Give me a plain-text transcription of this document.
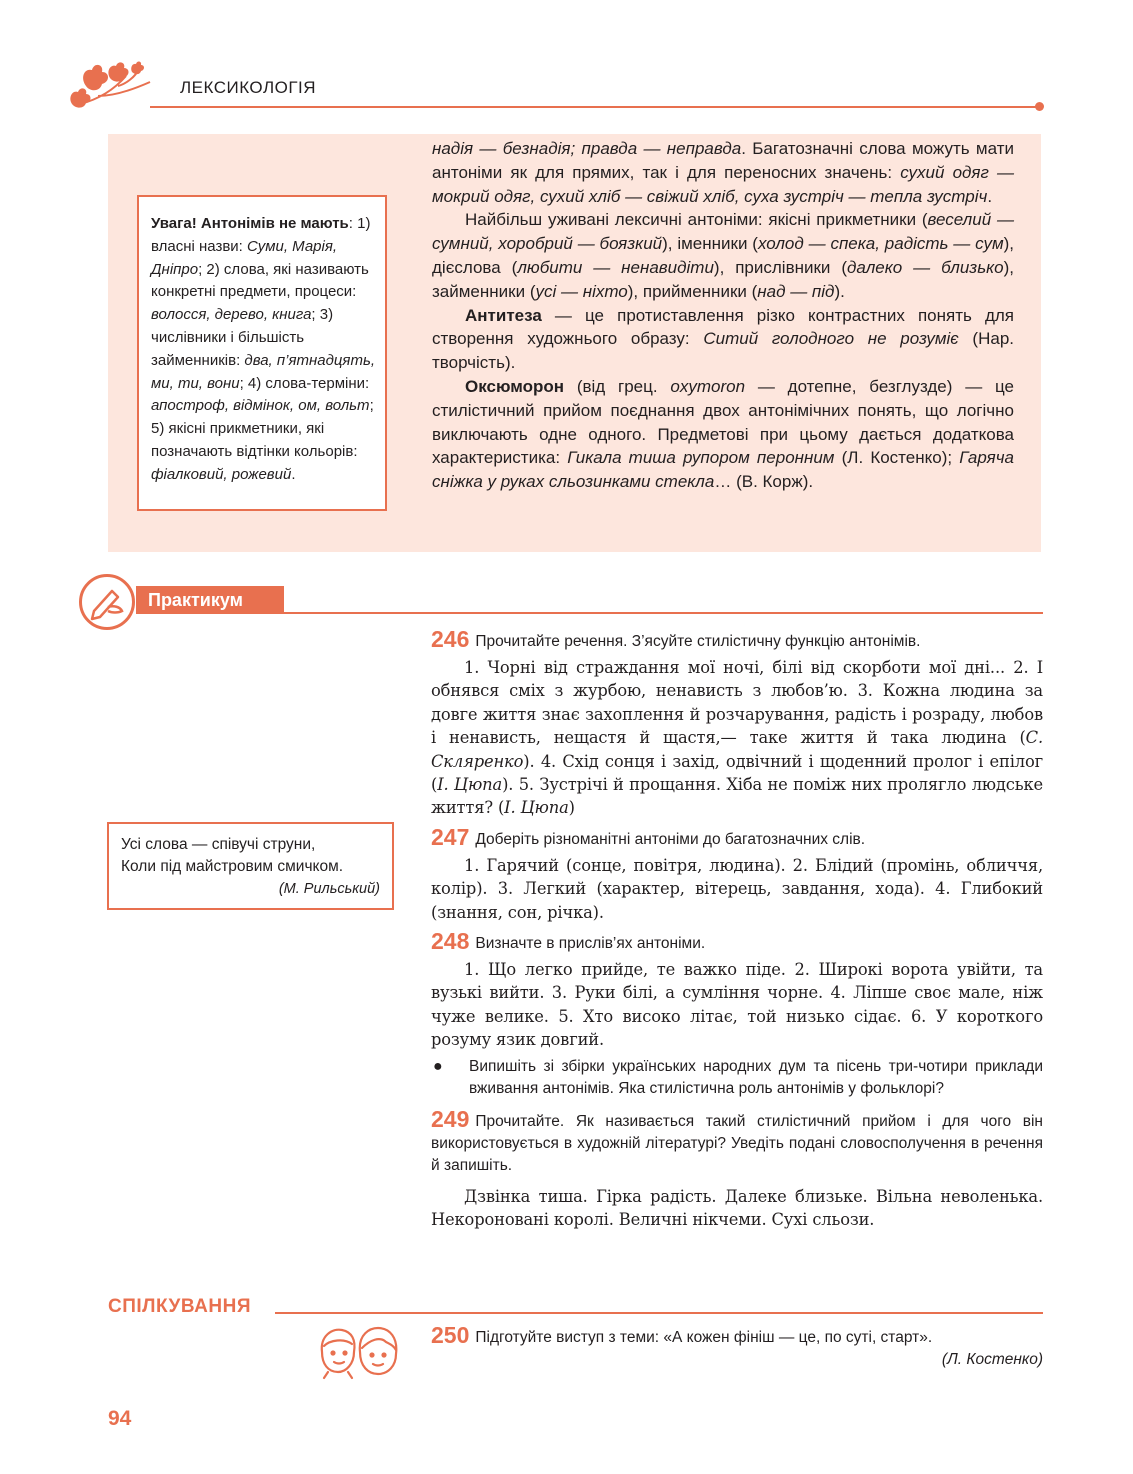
ЛЕКСИКОЛОГІЯ
Увага! Антонімів не мають: 1) власні назви: Суми, Марія, Дніпро; 2) слова, які називають конкретні предмети, процеси: волосся, дерево, книга; 3) числівники і більшість займенників: два, п’ятнадцять, ми, ти, вони; 4) слова-терміни: апостроф, відмінок, ом, вольт; 5) якісні прикметники, які позначають відтінки кольорів: фіалковий, рожевий.

надія — безнадія; правда — неправда. Багатозначні слова можуть мати антоніми як для прямих, так і для переносних значень: сухий одяг — мокрий одяг, сухий хліб — свіжий хліб, суха зустріч — тепла зустріч.

Найбільш уживані лексичні антоніми: якісні прикметники (веселий — сумний, хоробрий — боязкий), іменники (холод — спека, радість — сум), дієслова (любити — ненавидіти), прислівники (далеко — близько), займенники (усі — ніхто), прийменники (над — під).

Антитеза — це протиставлення різко контрастних понять для створення художнього образу: Ситий голодного не розуміє (Нар. творчість).

Оксюморон (від грец. oxymoron — дотепне, безглузде) — це стилістичний прийом поєднання двох антонімічних понять, що логічно виключають одне одного. Предметові при цьому дається додаткова характеристика: Гикала тиша рупором перонним (Л. Костенко); Гаряча сніжка у руках сльозинками стекла… (В. Корж).

Практикум
Усі слова — співучі струни,
Коли під майстровим смичком.
(М. Рильський)

246 Прочитайте речення. З’ясуйте стилістичну функцію антонімів.

1. Чорні від страждання мої ночі, білі від скорботи мої дні... 2. І обнявся сміх з журбою, ненависть з любов’ю. 3. Кожна людина за довге життя знає захоплення й розчарування, радість і розраду, любов і ненависть, нещастя й щастя,— таке життя й така людина (С. Скляренко). 4. Схід сонця і захід, одвічний і щоденний пролог і епілог (І. Цюпа). 5. Зустрічі й прощання. Хіба не поміж них пролягло людське життя? (І. Цюпа)

247 Доберіть різноманітні антоніми до багатозначних слів.

1. Гарячий (сонце, повітря, людина). 2. Блідий (промінь, обличчя, колір). 3. Легкий (характер, вітерець, завдання, хода). 4. Глибокий (знання, сон, річка).

248 Визначте в прислів’ях антоніми.

1. Що легко прийде, те важко піде. 2. Широкі ворота увійти, та вузькі вийти. 3. Руки білі, а сумління чорне. 4. Ліпше своє мале, ніж чуже велике. 5. Хто високо літає, той низько сідає. 6. У короткого розуму язик довгий.

●	Випишіть зі збірки українських народних дум та пісень три-чотири приклади вживання антонімів. Яка стилістична роль антонімів у фольклорі?

249 Прочитайте. Як називається такий стилістичний прийом і для чого він використовується в художній літературі? Уведіть подані словосполучення в речення й запишіть.

Дзвінка тиша. Гірка радість. Далеке близьке. Вільна неволенька. Некороновані королі. Величні нікчеми. Сухі сльози.

СПІЛКУВАННЯ

250 Підготуйте виступ з теми: «А кожен фініш — це, по суті, старт».

(Л. Костенко)
94
